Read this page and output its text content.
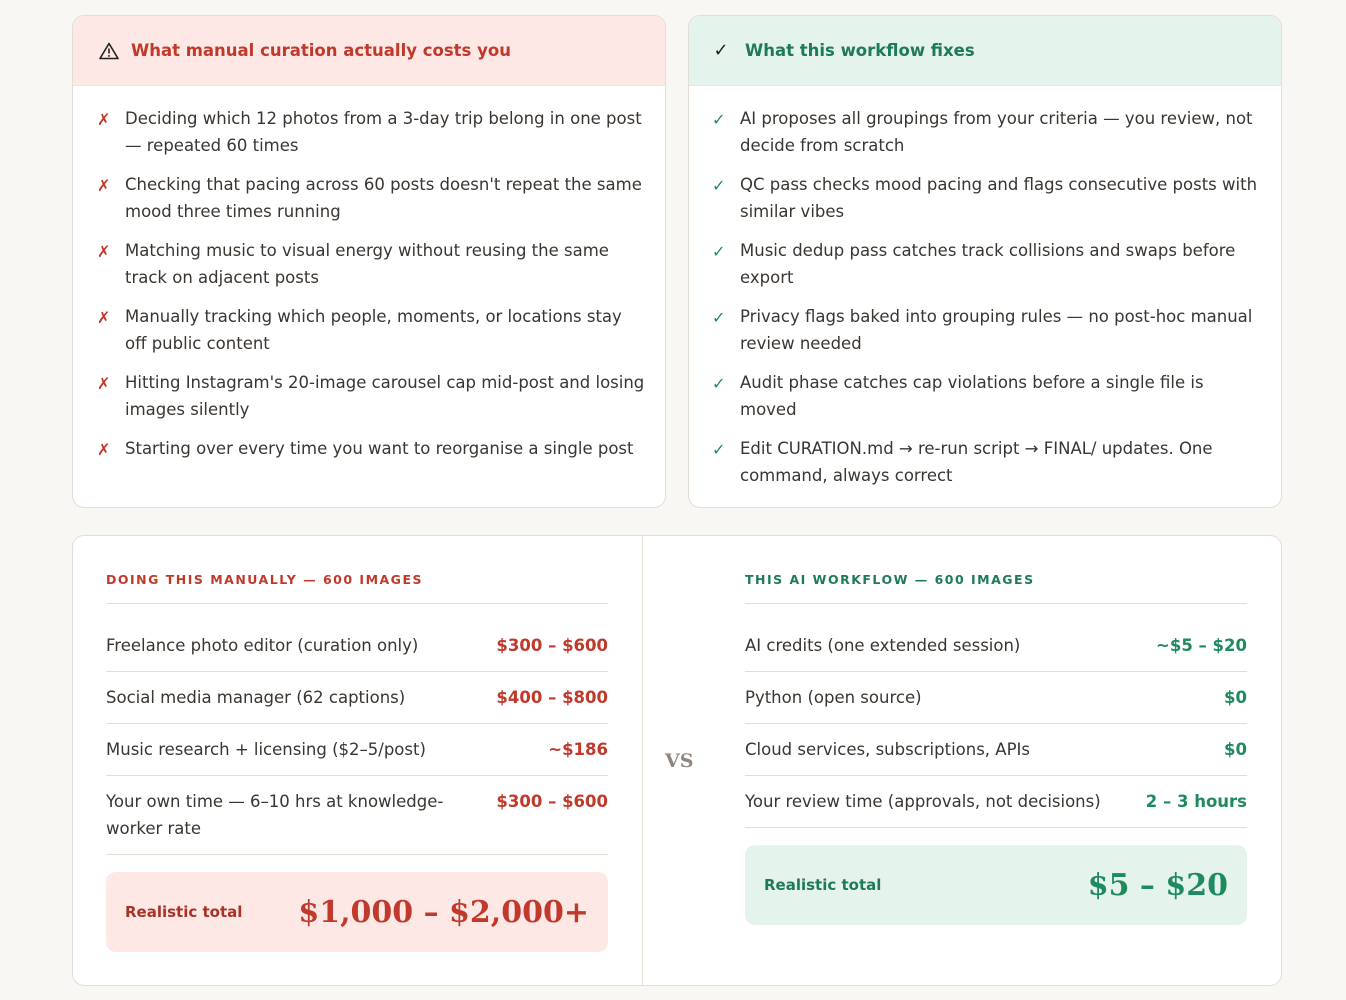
What manual curation actually costs you
✗ Deciding which 12 photos from a 3-day trip belong in one post — repeated 60 times
✗ Checking that pacing across 60 posts doesn't repeat the same mood three times running
✗ Matching music to visual energy without reusing the same track on adjacent posts
✗ Manually tracking which people, moments, or locations stay off public content
✗ Hitting Instagram's 20-image carousel cap mid-post and losing images silently
✗ Starting over every time you want to reorganise a single post
✓ What this workflow fixes
✓ AI proposes all groupings from your criteria — you review, not decide from scratch
✓ QC pass checks mood pacing and flags consecutive posts with similar vibes
✓ Music dedup pass catches track collisions and swaps before export
✓ Privacy flags baked into grouping rules — no post-hoc manual review needed
✓ Audit phase catches cap violations before a single file is moved
✓ Edit CURATION.md → re-run script → FINAL/ updates. One command, always correct
VS
DOING THIS MANUALLY — 600 IMAGES
Freelance photo editor (curation only)	$300 – $600
Social media manager (62 captions)	$400 – $800
Music research + licensing ($2–5/post)	~$186
Your own time — 6–10 hrs at knowledge-worker rate
$300 – $600
Realistic total $1,000 – $2,000+
THIS AI WORKFLOW — 600 IMAGES
AI credits (one extended session)	~$5 – $20
Python (open source)	$0
Cloud services, subscriptions, APIs	$0
Your review time (approvals, not decisions)	2 – 3 hours
Realistic total	$5 – $20
